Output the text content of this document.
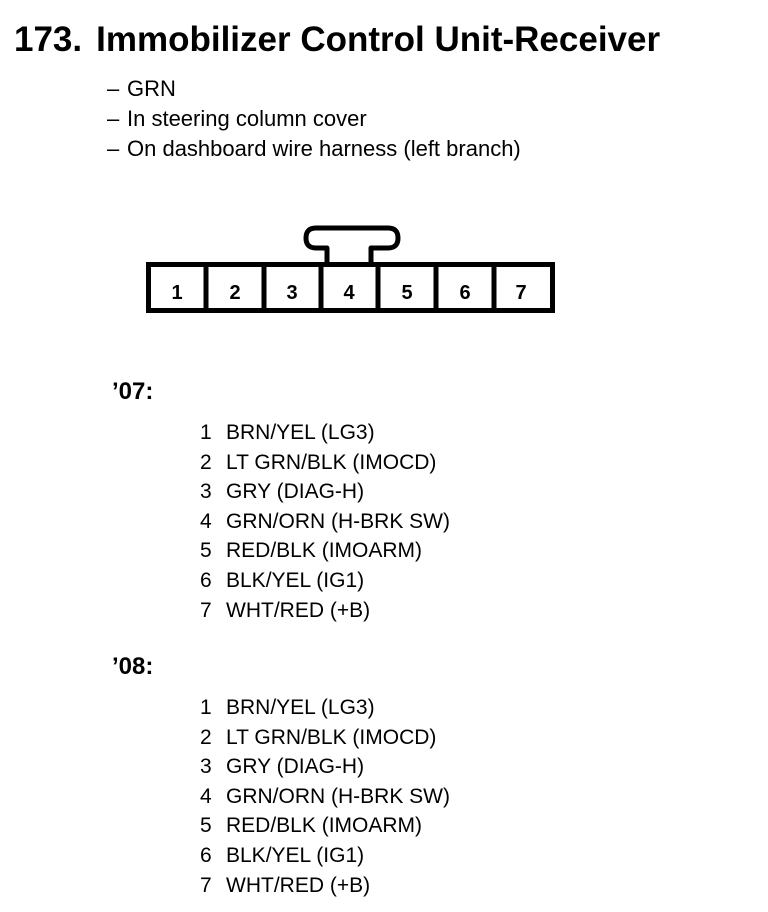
173. Immobilizer Control Unit-Receiver
– GRN
– In steering column cover
– On dashboard wire harness (left branch)
1 2 3 4 5 6 7
’07:
1 BRN/YEL (LG3)
2 LT GRN/BLK (IMOCD)
3 GRY (DIAG-H)
4 GRN/ORN (H-BRK SW)
5 RED/BLK (IMOARM)
6 BLK/YEL (IG1)
7 WHT/RED (+B)
’08:
1 BRN/YEL (LG3)
2 LT GRN/BLK (IMOCD)
3 GRY (DIAG-H)
4 GRN/ORN (H-BRK SW)
5 RED/BLK (IMOARM)
6 BLK/YEL (IG1)
7 WHT/RED (+B)
